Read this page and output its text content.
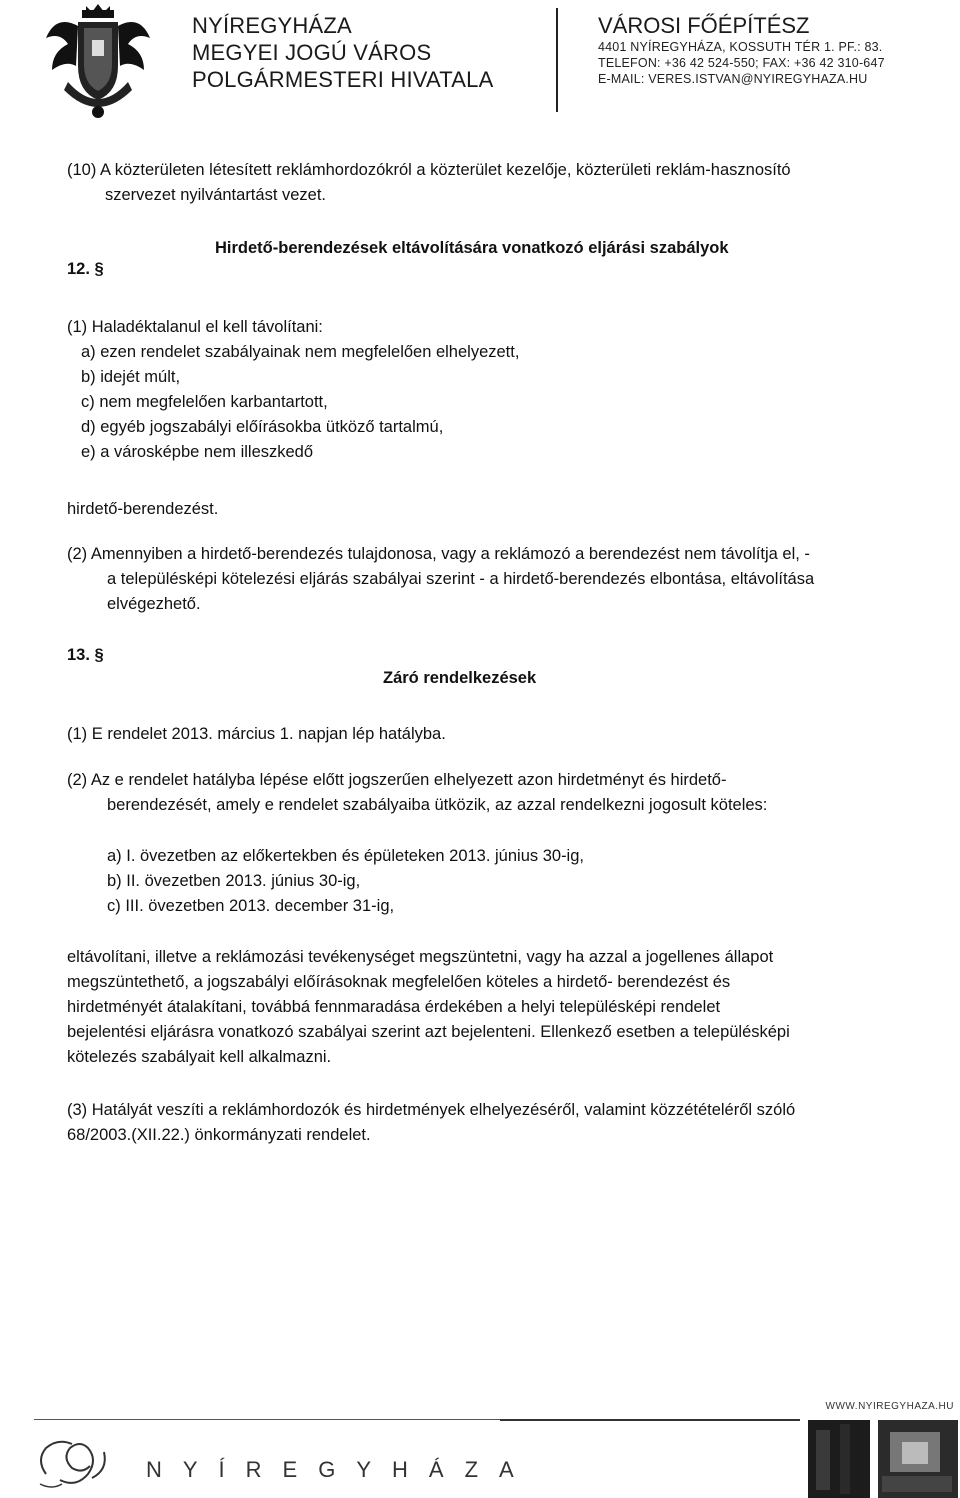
NYÍREGYHÁZA
MEGYEI JOGÚ VÁROS
POLGÁRMESTERI HIVATALA
VÁROSI FŐÉPÍTÉSZ
4401 NYÍREGYHÁZA, KOSSUTH TÉR 1. PF.: 83.
TELEFON: +36 42 524-550; FAX: +36 42 310-647
E-MAIL: VERES.ISTVAN@NYIREGYHAZA.HU
(10) A közterületen létesített reklámhordozókról a közterület kezelője, közterületi reklám-hasznosító
szervezet nyilvántartást vezet.
Hirdető-berendezések eltávolítására vonatkozó eljárási szabályok
12. §
(1) Haladéktalanul el kell távolítani:
a) ezen rendelet szabályainak nem megfelelően elhelyezett,
b) idejét múlt,
c) nem megfelelően karbantartott,
d) egyéb jogszabályi előírásokba ütköző tartalmú,
e) a városképbe nem illeszkedő
hirdető-berendezést.
(2) Amennyiben a hirdető-berendezés tulajdonosa, vagy a reklámozó a berendezést nem távolítja el, -
a településképi kötelezési eljárás szabályai szerint - a hirdető-berendezés elbontása, eltávolítása
elvégezhető.
13. §
Záró rendelkezések
(1) E rendelet 2013. március 1. napjan lép hatályba.
(2) Az e rendelet hatályba lépése előtt jogszerűen elhelyezett azon hirdetményt és hirdető-
berendezését, amely e rendelet szabályaiba ütközik, az azzal rendelkezni jogosult köteles:
a) I. övezetben az előkertekben és épületeken 2013. június 30-ig,
b) II. övezetben 2013. június 30-ig,
c) III. övezetben 2013. december 31-ig,
eltávolítani, illetve a reklámozási tevékenységet megszüntetni, vagy ha azzal a jogellenes állapot
megszüntethető, a jogszabályi előírásoknak megfelelően köteles a hirdető- berendezést és
hirdetményét átalakítani, továbbá fennmaradása érdekében a helyi településképi rendelet
bejelentési eljárásra vonatkozó szabályai szerint azt bejelenteni. Ellenkező esetben a településképi
kötelezés szabályait kell alkalmazni.
(3) Hatályát veszíti a reklámhordozók és hirdetmények elhelyezéséről, valamint közzétételéről szóló
68/2003.(XII.22.) önkormányzati rendelet.
WWW.NYIREGYHAZA.HU
NYÍREGYHÁZA
